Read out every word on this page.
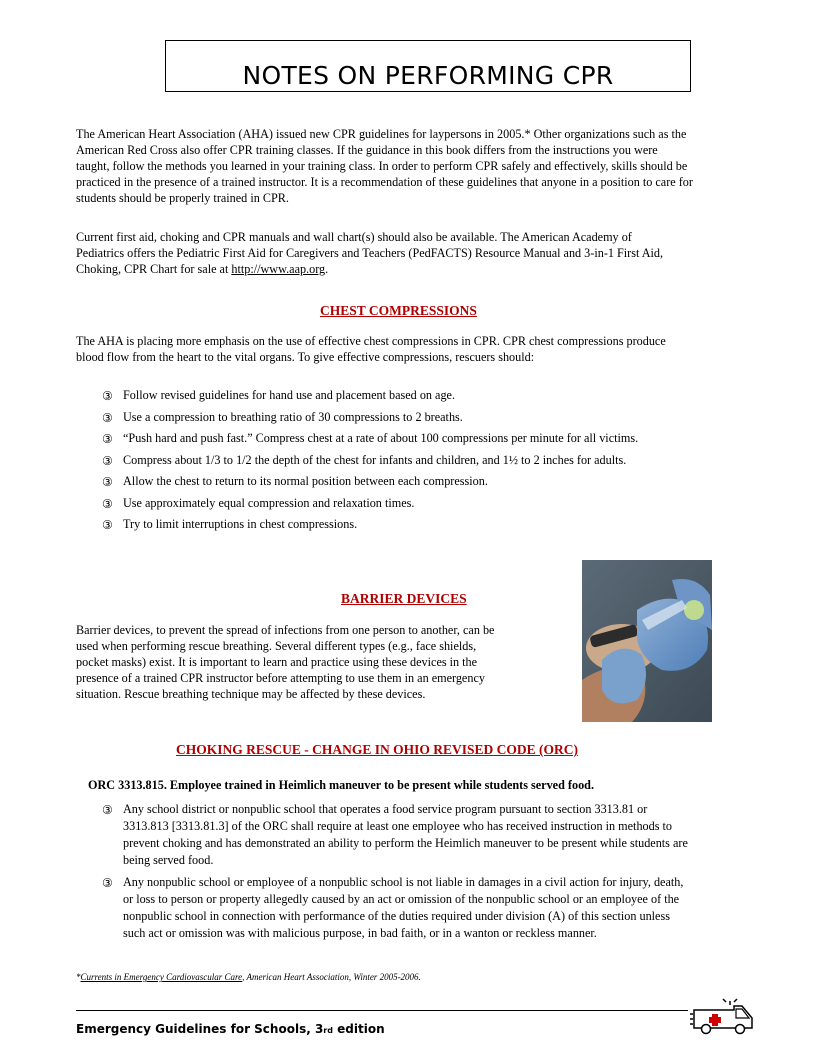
NOTES ON PERFORMING CPR

The American Heart Association (AHA) issued new CPR guidelines for laypersons in 2005.* Other organizations such as the American Red Cross also offer CPR training classes. If the guidance in this book differs from the instructions you were taught, follow the methods you learned in your training class. In order to perform CPR safely and effectively, skills should be practiced in the presence of a trained instructor. It is a recommendation of these guidelines that anyone in a position to care for students should be properly trained in CPR.

Current first aid, choking and CPR manuals and wall chart(s) should also be available. The American Academy of Pediatrics offers the Pediatric First Aid for Caregivers and Teachers (PedFACTS) Resource Manual and 3-in-1 First Aid, Choking, CPR Chart for sale at http://www.aap.org.

CHEST COMPRESSIONS

The AHA is placing more emphasis on the use of effective chest compressions in CPR. CPR chest compressions produce blood flow from the heart to the vital organs. To give effective compressions, rescuers should:

③ Follow revised guidelines for hand use and placement based on age.
③ Use a compression to breathing ratio of 30 compressions to 2 breaths.
③ “Push hard and push fast.” Compress chest at a rate of about 100 compressions per minute for all victims.
③ Compress about 1/3 to 1/2 the depth of the chest for infants and children, and 1½ to 2 inches for adults.
③ Allow the chest to return to its normal position between each compression.
③ Use approximately equal compression and relaxation times.
③ Try to limit interruptions in chest compressions.
BARRIER DEVICES

Barrier devices, to prevent the spread of infections from one person to another, can be used when performing rescue breathing. Several different types (e.g., face shields, pocket masks) exist. It is important to learn and practice using these devices in the presence of a trained CPR instructor before attempting to use them in an emergency situation. Rescue breathing technique may be affected by these devices.

CHOKING RESCUE - CHANGE IN OHIO REVISED CODE (ORC)
ORC 3313.815. Employee trained in Heimlich maneuver to be present while students served food.
③ Any school district or nonpublic school that operates a food service program pursuant to section 3313.81 or 3313.813 [3313.81.3] of the ORC shall require at least one employee who has received instruction in methods to prevent choking and has demonstrated an ability to perform the Heimlich maneuver to be present while students are being served food.
③ Any nonpublic school or employee of a nonpublic school is not liable in damages in a civil action for injury, death, or loss to person or property allegedly caused by an act or omission of the nonpublic school or an employee of the nonpublic school in connection with performance of the duties required under division (A) of this section unless such act or omission was with malicious purpose, in bad faith, or in a wanton or reckless manner.
*Currents in Emergency Cardiovascular Care, American Heart Association, Winter 2005-2006.
Emergency Guidelines for Schools, 3rd edition
